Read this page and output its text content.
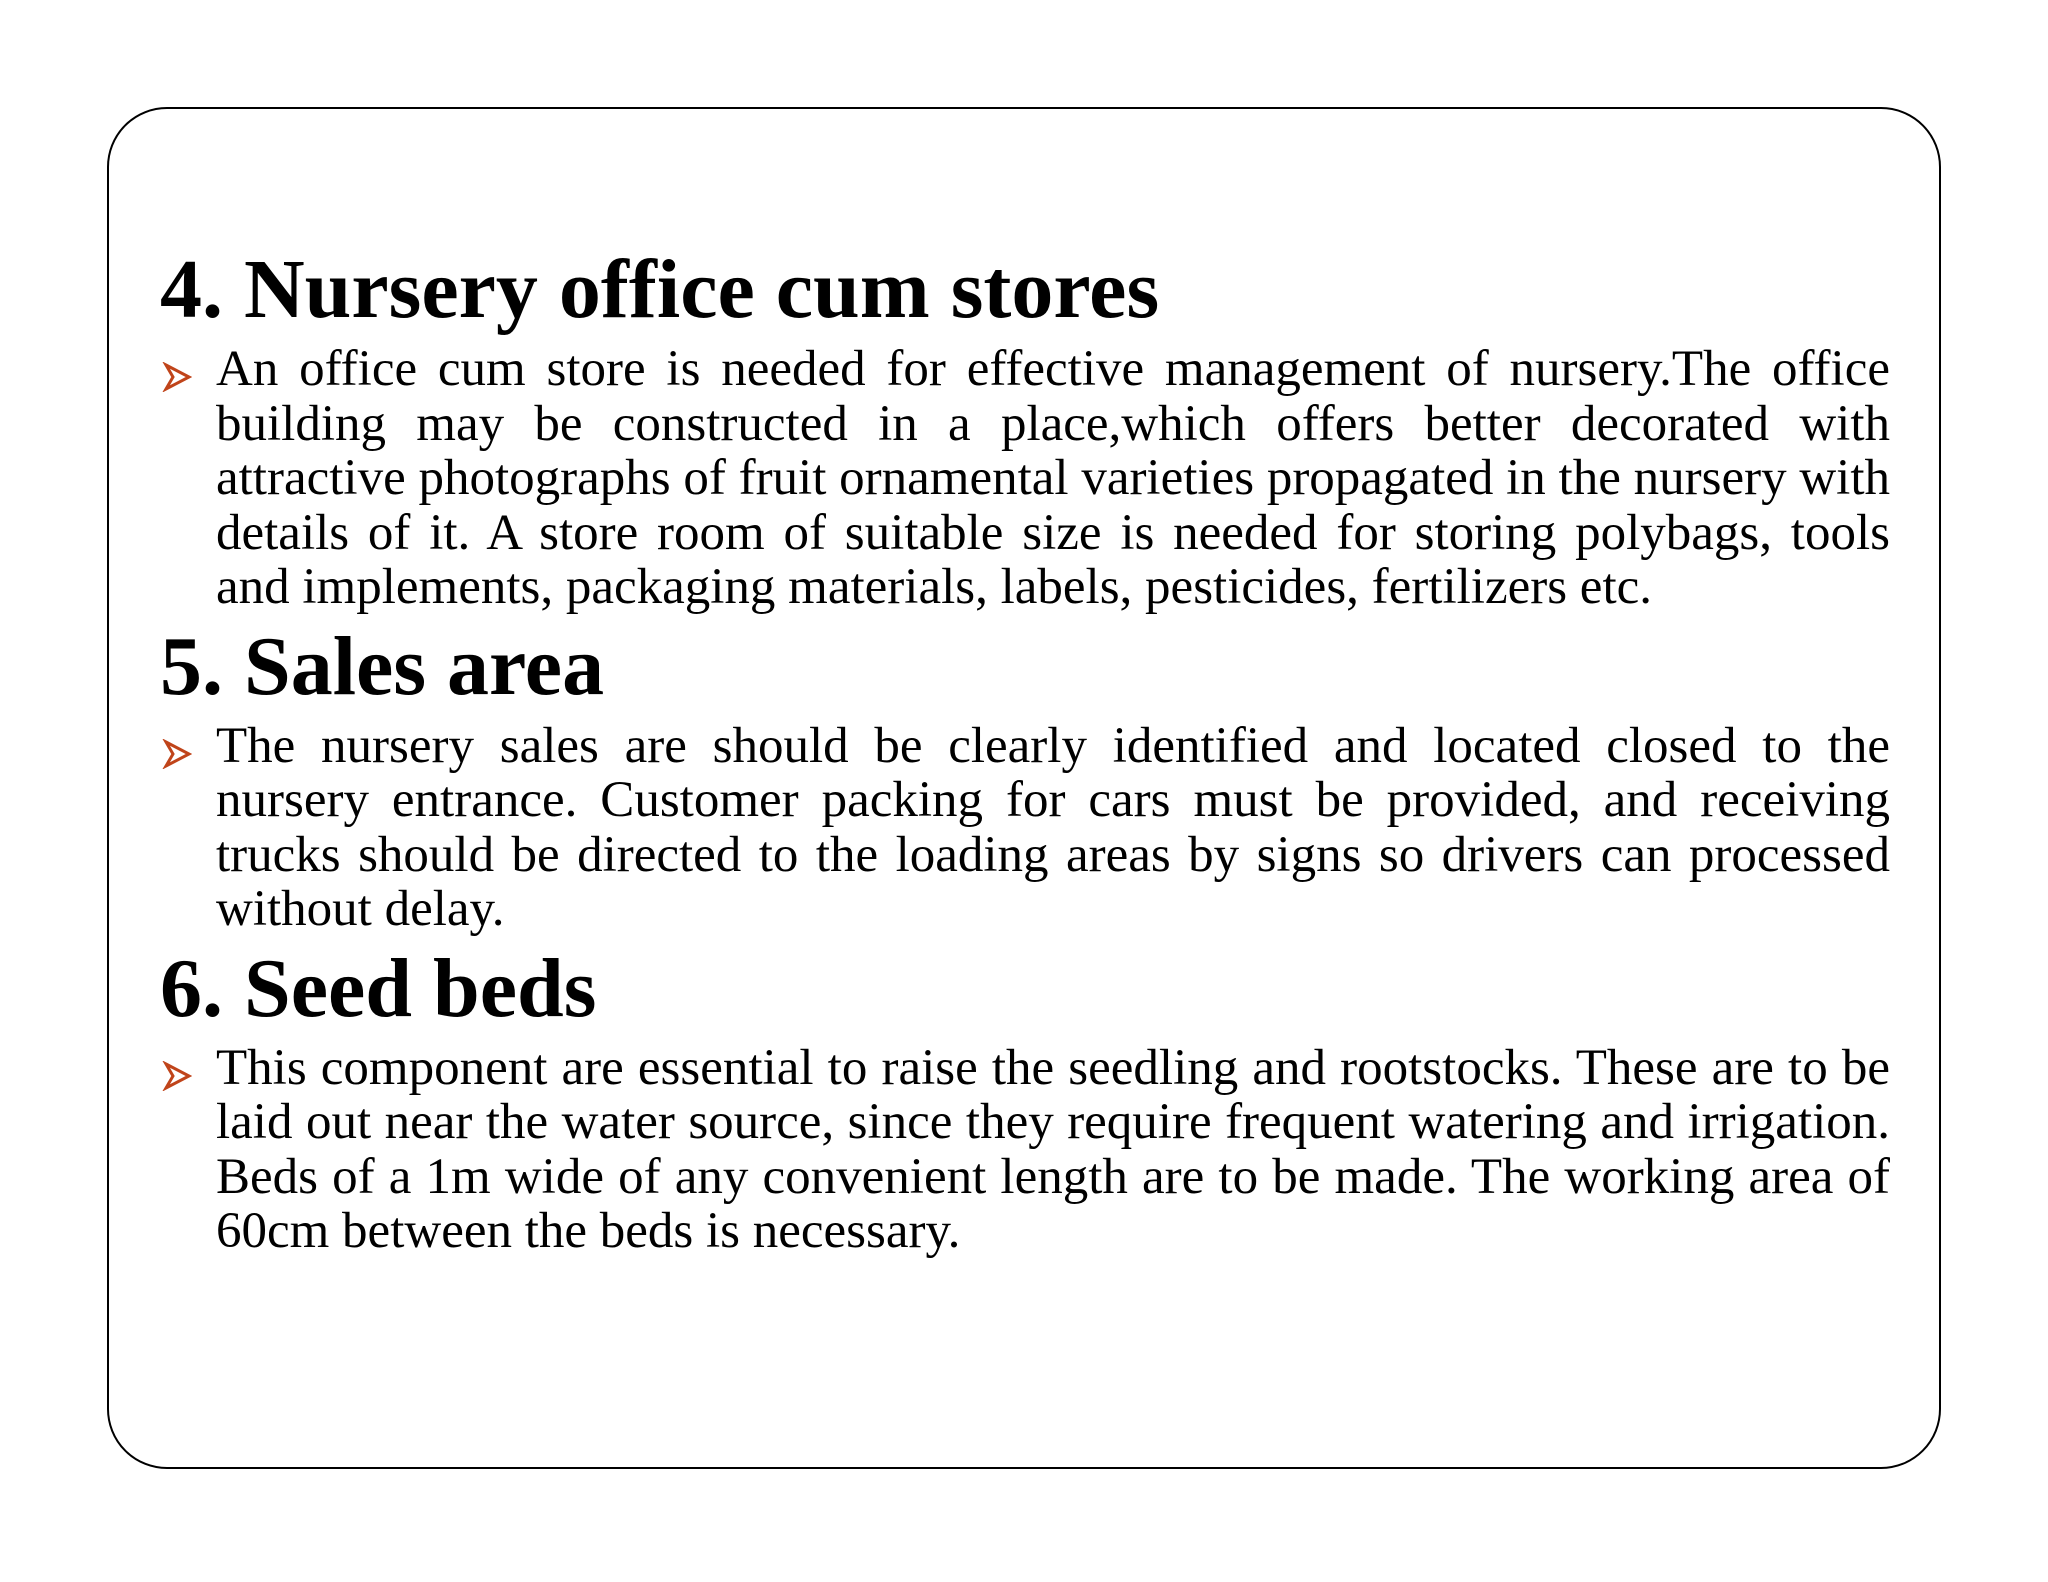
4. Nursery office cum stores

An office cum store is needed for effective management of nursery.The office building may be constructed in a place,which offers better decorated with attractive photographs of fruit ornamental varieties propagated in the nursery with details of it. A store room of suitable size is needed for storing polybags, tools and implements, packaging materials, labels, pesticides, fertilizers etc.

5. Sales area

The nursery sales are should be clearly identified and located closed to the nursery entrance. Customer packing for cars must be provided, and receiving trucks should be directed to the loading areas by signs so drivers can processed without delay.

6. Seed beds

This component are essential to raise the seedling and rootstocks. These are to be laid out near the water source, since they require frequent watering and irrigation. Beds of a 1m wide of any convenient length are to be made. The working area of 60cm between the beds is necessary.
